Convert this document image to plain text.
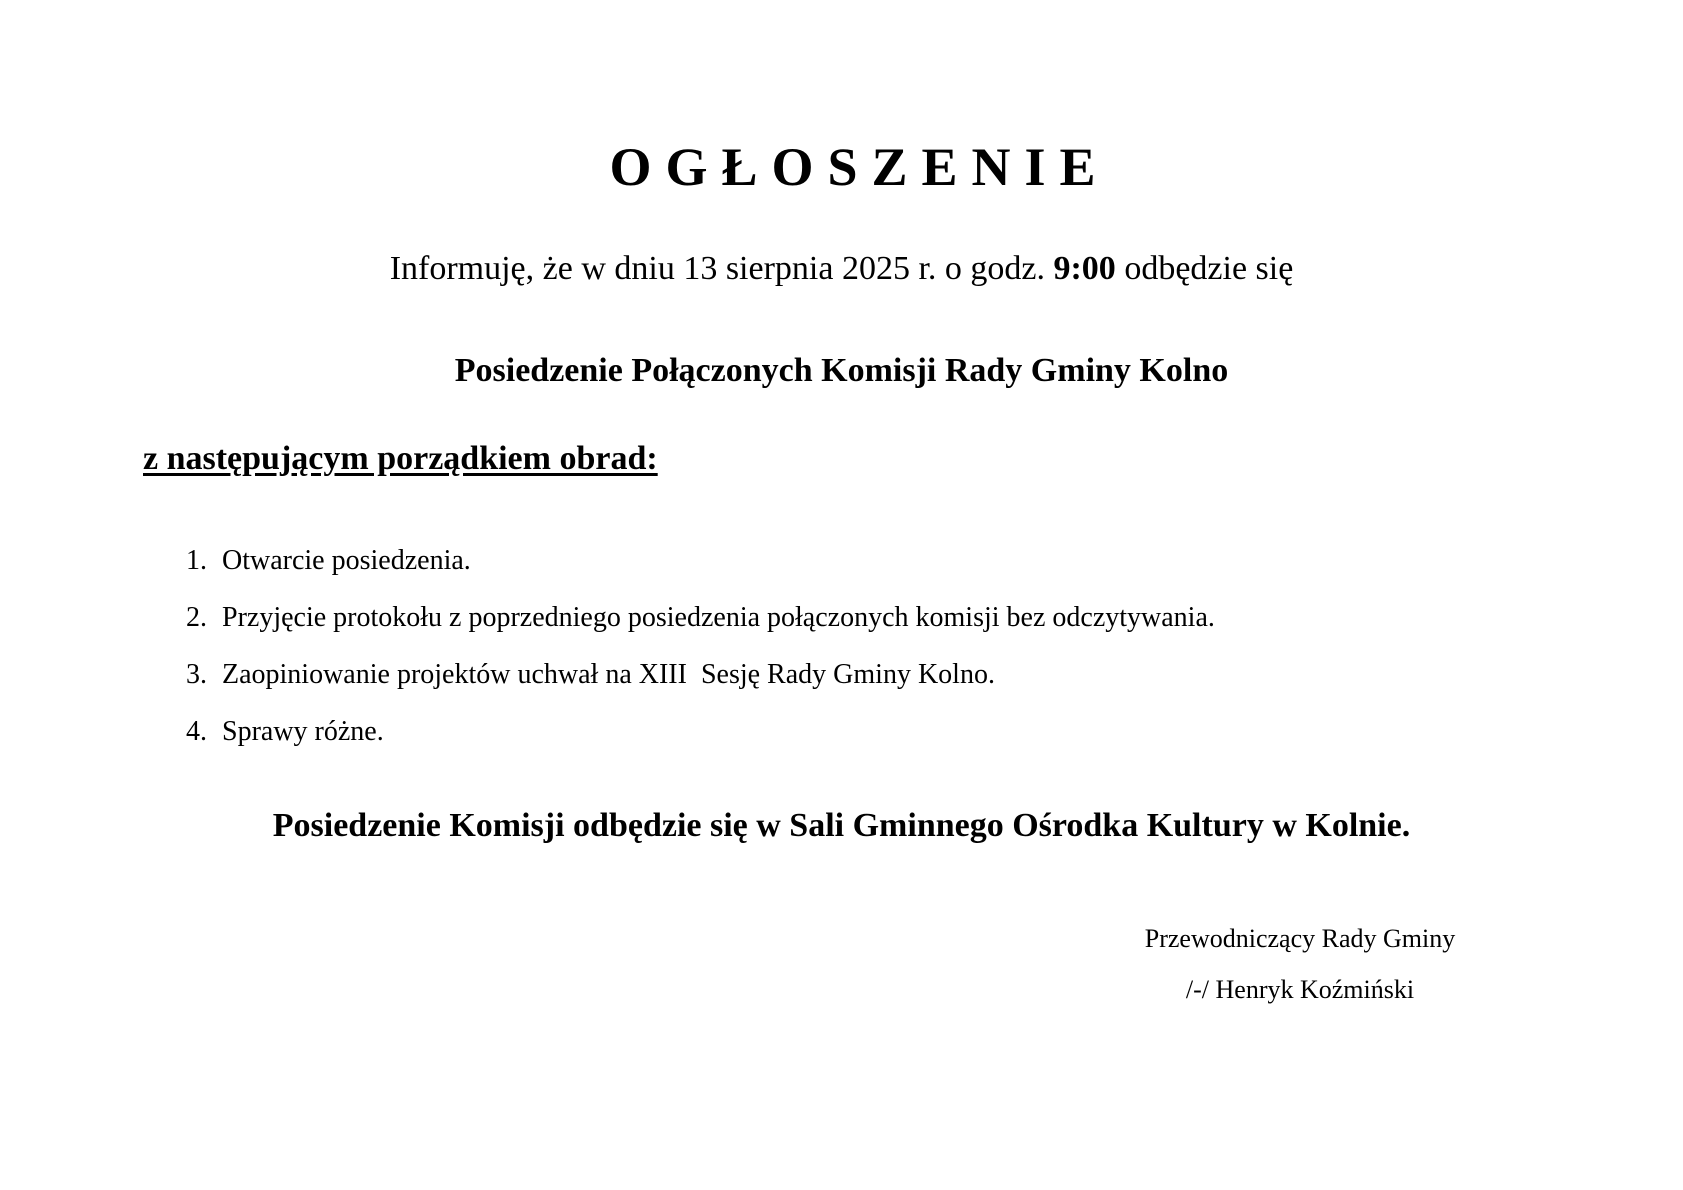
OGŁOSZENIE
Informuję, że w dniu 13 sierpnia 2025 r. o godz. 9:00 odbędzie się
Posiedzenie Połączonych Komisji Rady Gminy Kolno
z następującym porządkiem obrad:
1. Otwarcie posiedzenia.
2. Przyjęcie protokołu z poprzedniego posiedzenia połączonych komisji bez odczytywania.
3. Zaopiniowanie projektów uchwał na XIII  Sesję Rady Gminy Kolno.
4. Sprawy różne.
Posiedzenie Komisji odbędzie się w Sali Gminnego Ośrodka Kultury w Kolnie.
Przewodniczący Rady Gminy
/-/ Henryk Koźmiński
